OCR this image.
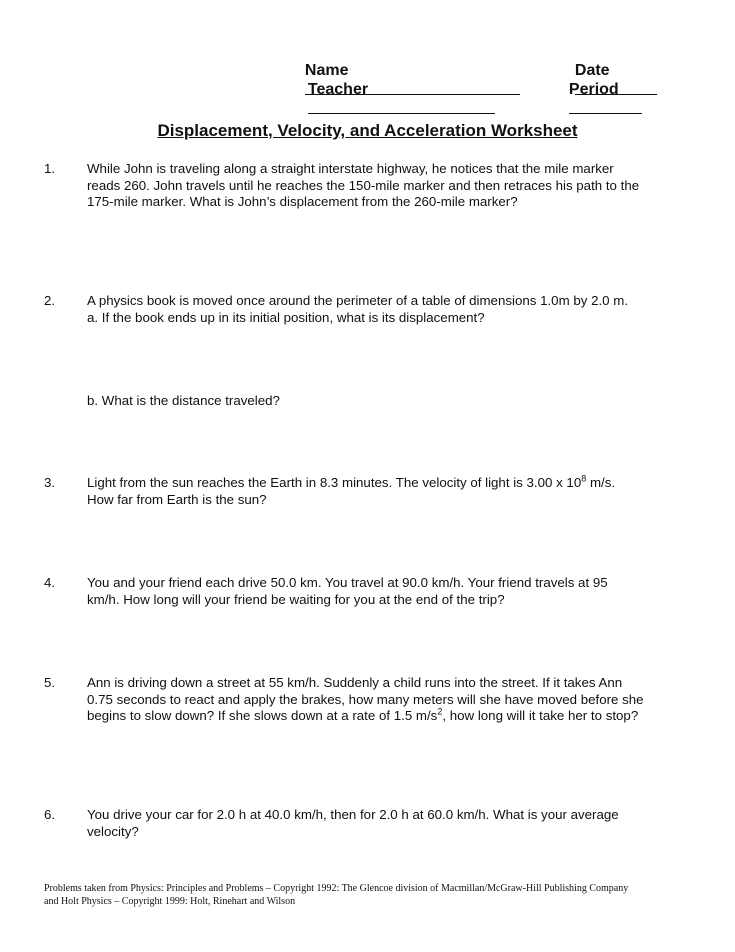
Name
	Date

Teacher
	Period

Displacement, Velocity, and Acceleration Worksheet
1. While John is traveling along a straight interstate highway, he notices that the mile marker
reads 260. John travels until he reaches the 150-mile marker and then retraces his path to the
175-mile marker. What is John’s displacement from the 260-mile marker?
2. A physics book is moved once around the perimeter of a table of dimensions 1.0m by 2.0 m.
a. If the book ends up in its initial position, what is its displacement?
b. What is the distance traveled?
3. Light from the sun reaches the Earth in 8.3 minutes. The velocity of light is 3.00 x $10^8$ m/s.
How far from Earth is the sun?
4. You and your friend each drive 50.0 km. You travel at 90.0 km/h. Your friend travels at 95
km/h. How long will your friend be waiting for you at the end of the trip?
5. Ann is driving down a street at 55 km/h. Suddenly a child runs into the street. If it takes Ann
0.75 seconds to react and apply the brakes, how many meters will she have moved before she
begins to slow down? If she slows down at a rate of 1.5 $m/s^2$, how long will it take her to stop?
6. You drive your car for 2.0 h at 40.0 km/h, then for 2.0 h at 60.0 km/h. What is your average
velocity?
Problems taken from Physics: Principles and Problems – Copyright 1992: The Glencoe division of Macmillan/McGraw-Hill Publishing Company
and Holt Physics – Copyright 1999: Holt, Rinehart and Wilson
